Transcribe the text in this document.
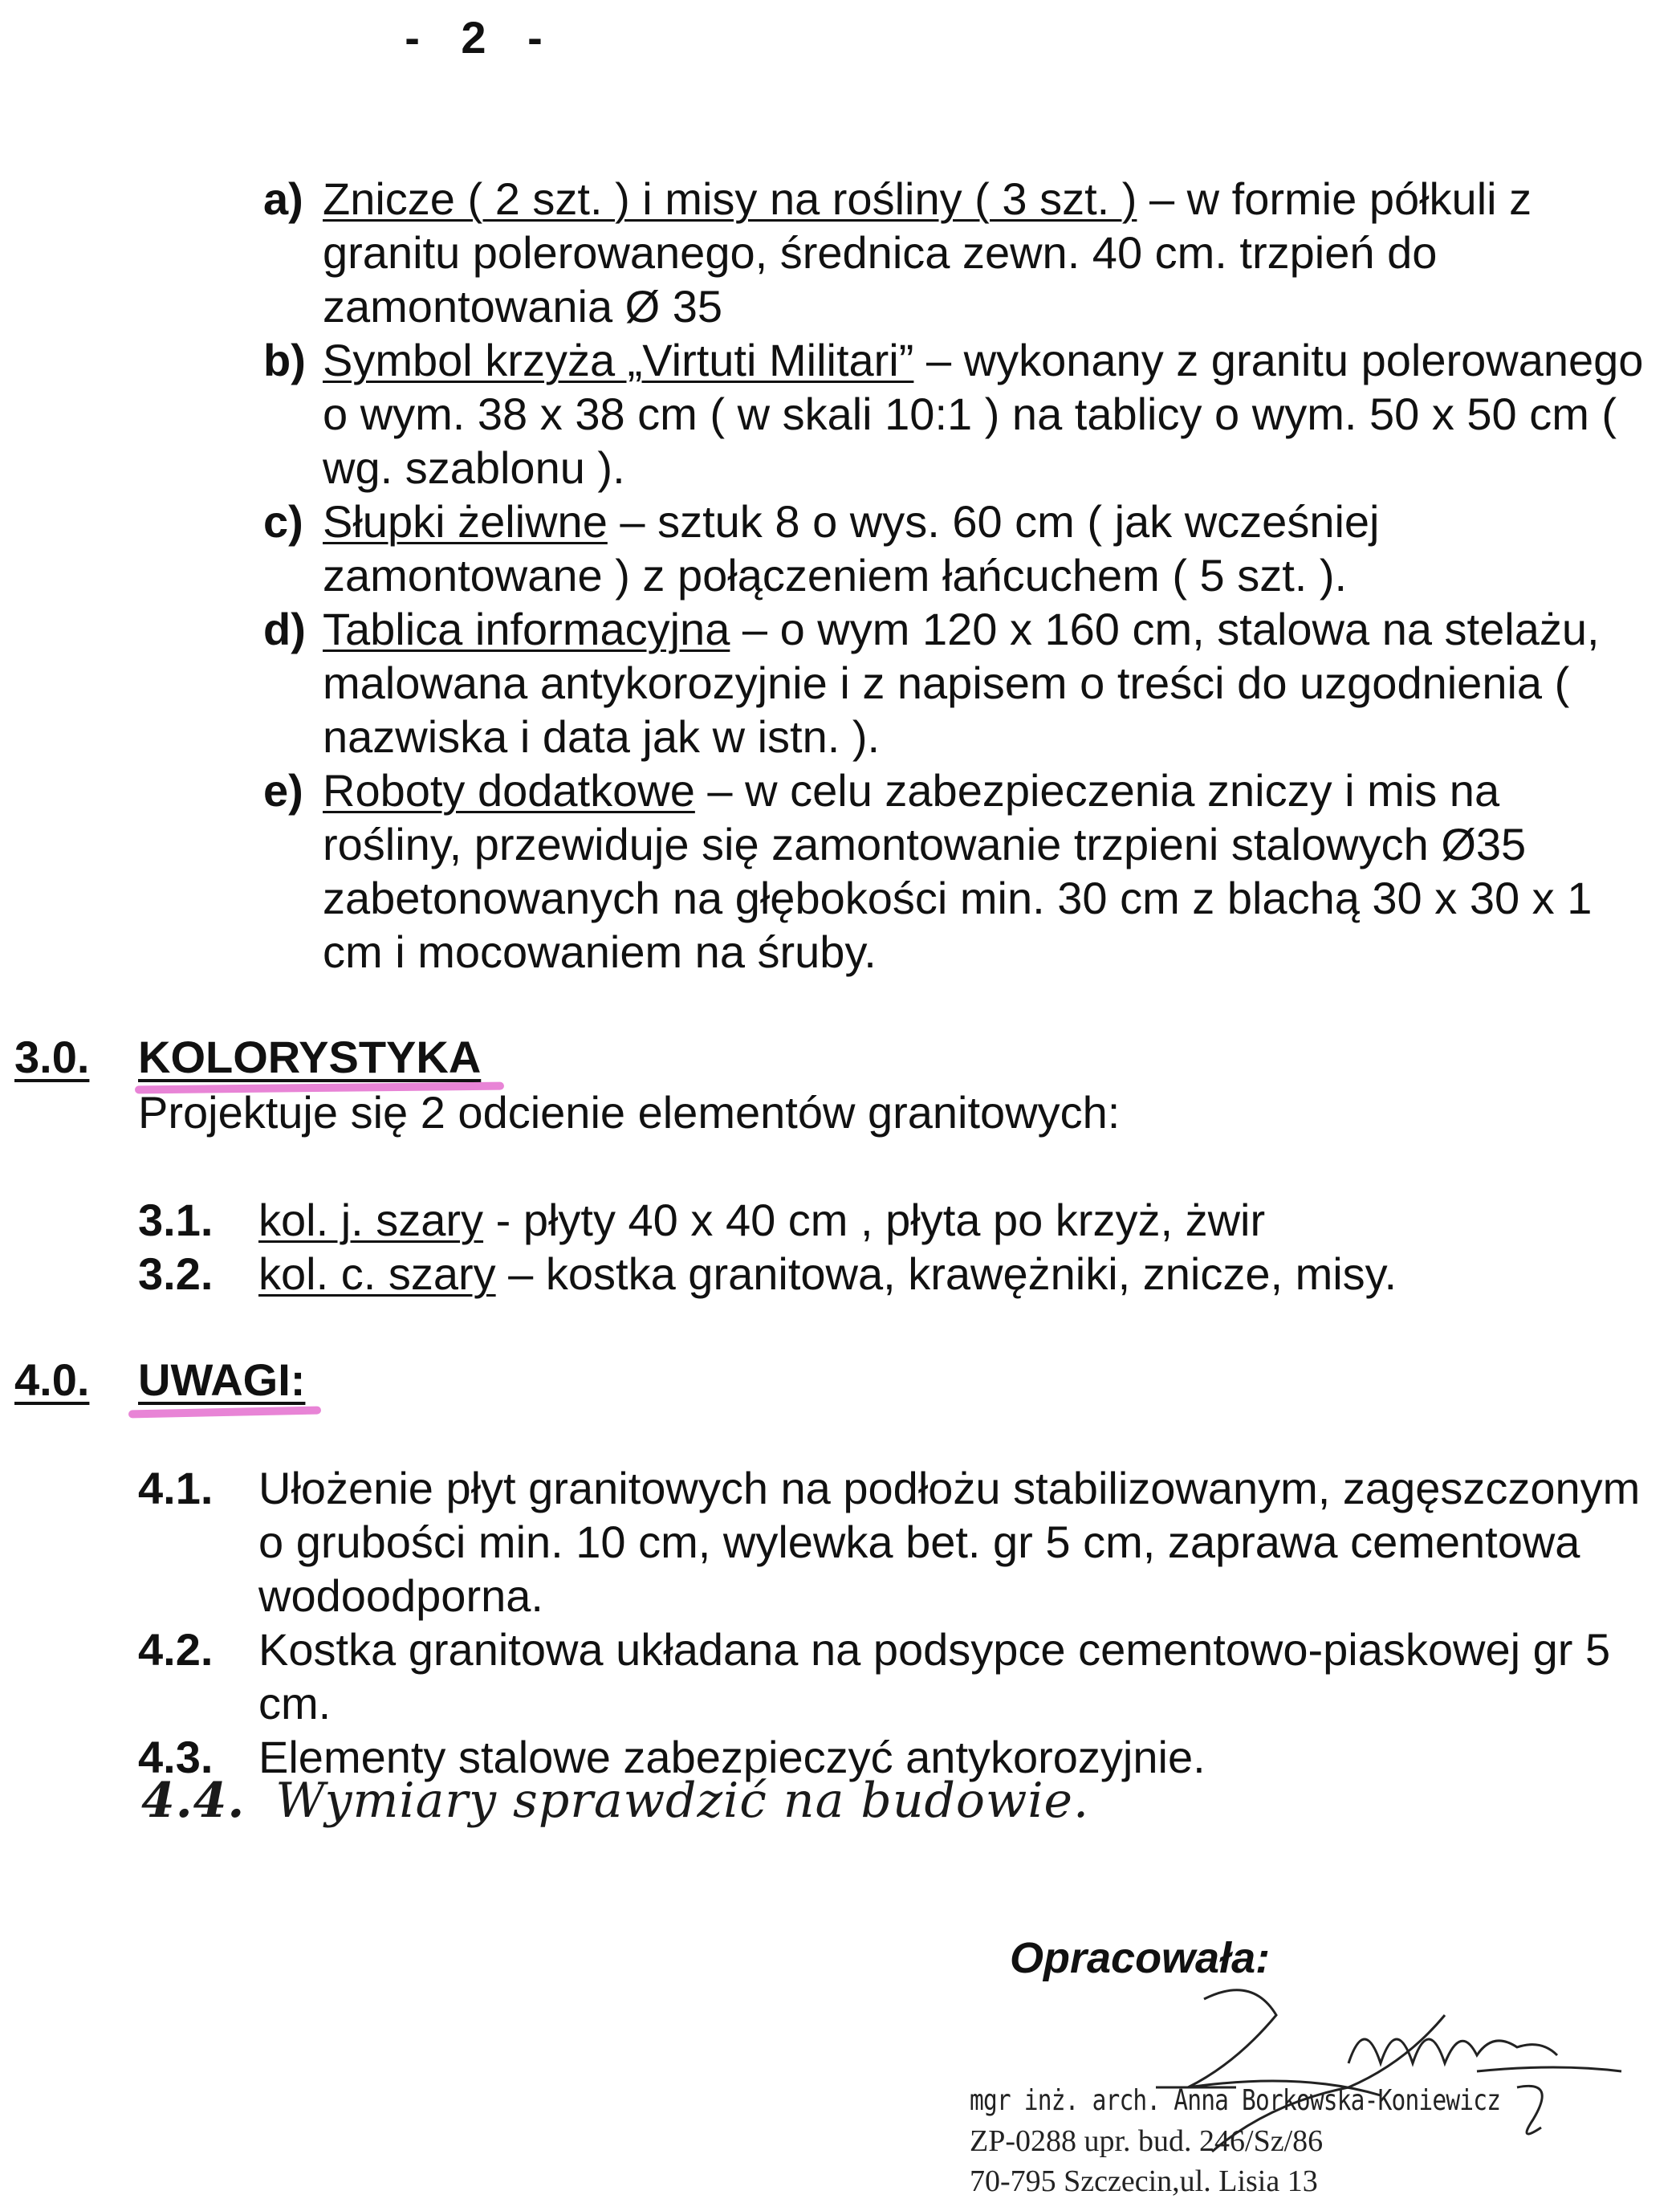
- 2 -
a) Znicze ( 2 szt. ) i misy na rośliny ( 3 szt. ) – w formie półkuli z granitu polerowanego, średnica zewn. 40 cm. trzpień do zamontowania Ø 35
b) Symbol krzyża „Virtuti Militari” – wykonany z granitu polerowanego o wym. 38 x 38 cm ( w skali 10:1 ) na tablicy o wym. 50 x 50 cm ( wg. szablonu ).
c) Słupki żeliwne – sztuk 8 o wys. 60 cm ( jak wcześniej zamontowane ) z połączeniem łańcuchem ( 5 szt. ).
d) Tablica informacyjna – o wym 120 x 160 cm, stalowa na stelażu, malowana antykorozyjnie i z napisem o treści do uzgodnienia ( nazwiska i data jak w istn. ).
e) Roboty dodatkowe – w celu zabezpieczenia zniczy i mis na rośliny, przewiduje się zamontowanie trzpieni stalowych Ø35 zabetonowanych na głębokości min. 30 cm z blachą 30 x 30 x 1 cm i mocowaniem na śruby.
3.0. KOLORYSTYKA
Projektuje się 2 odcienie elementów granitowych:
3.1. kol. j. szary - płyty 40 x 40 cm , płyta po krzyż, żwir
3.2. kol. c. szary – kostka granitowa, krawężniki, znicze, misy.
4.0. UWAGI:
4.1. Ułożenie płyt granitowych na podłożu stabilizowanym, zagęszczonym o grubości min. 10 cm, wylewka bet. gr 5 cm, zaprawa cementowa wodoodporna.
4.2. Kostka granitowa układana na podsypce cementowo-piaskowej gr 5 cm.
4.3. Elementy stalowe zabezpieczyć antykorozyjnie.
4.4. Wymiary sprawdzić na budowie.
Opracowała:
mgr inż. arch. Anna Borkowska-Koniewicz
ZP-0288 upr. bud. 246/Sz/86
70-795 Szczecin,ul. Lisia 13
